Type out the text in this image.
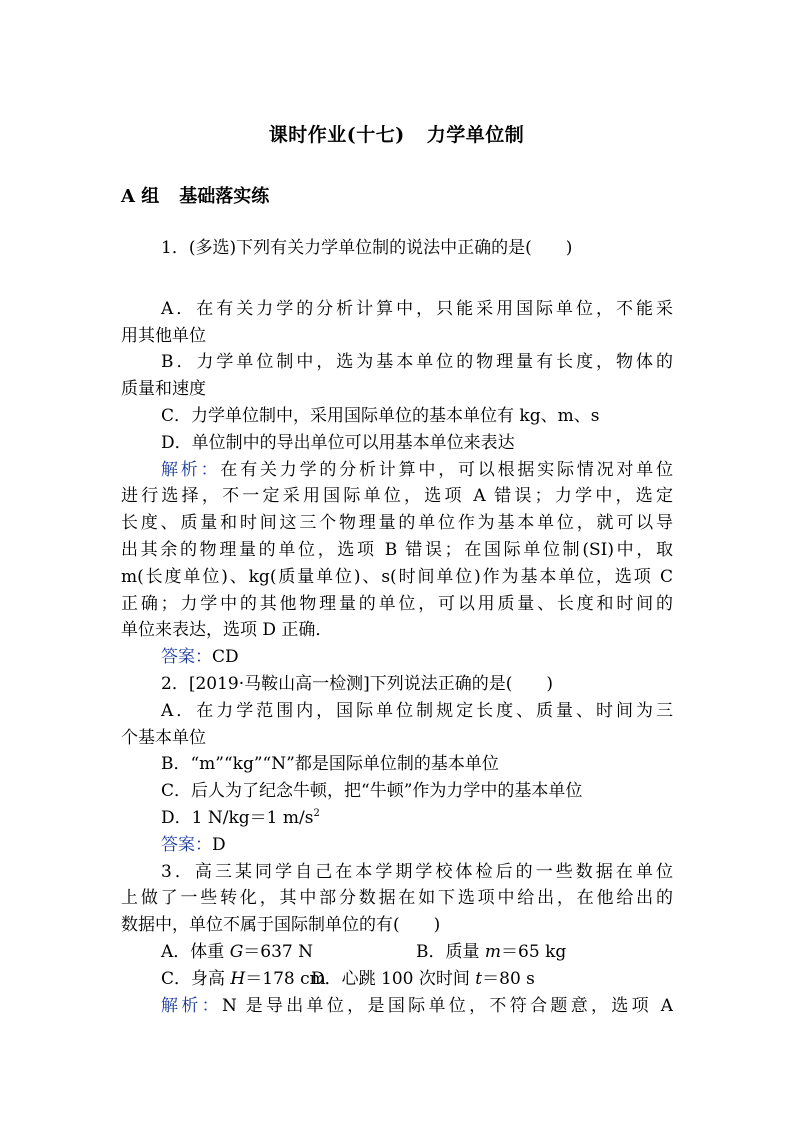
课时作业(十七) 力学单位制
A 组 基础落实练
1．(多选)下列有关力学单位制的说法中正确的是(　　)
A．在有关力学的分析计算中，只能采用国际单位，不能采
用其他单位
B．力学单位制中，选为基本单位的物理量有长度，物体的
质量和速度
C．力学单位制中，采用国际单位的基本单位有 kg、m、s
D．单位制中的导出单位可以用基本单位来表达
解析：在有关力学的分析计算中，可以根据实际情况对单位
进行选择，不一定采用国际单位，选项 A 错误；力学中，选定
长度、质量和时间这三个物理量的单位作为基本单位，就可以导
出其余的物理量的单位，选项 B 错误；在国际单位制(SI)中，取
m(长度单位)、kg(质量单位)、s(时间单位)作为基本单位，选项 C
正确；力学中的其他物理量的单位，可以用质量、长度和时间的
单位来表达，选项 D 正确．
答案：CD
2．[2019·马鞍山高一检测]下列说法正确的是(　　)
A．在力学范围内，国际单位制规定长度、质量、时间为三
个基本单位
B．“m”“kg”“N”都是国际单位制的基本单位
C．后人为了纪念牛顿，把“牛顿”作为力学中的基本单位
D．1 N/kg＝1 $m/s^2$
答案：D
3．高三某同学自己在本学期学校体检后的一些数据在单位
上做了一些转化，其中部分数据在如下选项中给出，在他给出的
数据中，单位不属于国际制单位的有(　　)
A．体重 G＝637 N	B．质量 m＝65 kg
C．身高 H＝178 cmD．心跳 100 次时间 t＝80 s
解析：N 是导出单位，是国际单位，不符合题意，选项 A
